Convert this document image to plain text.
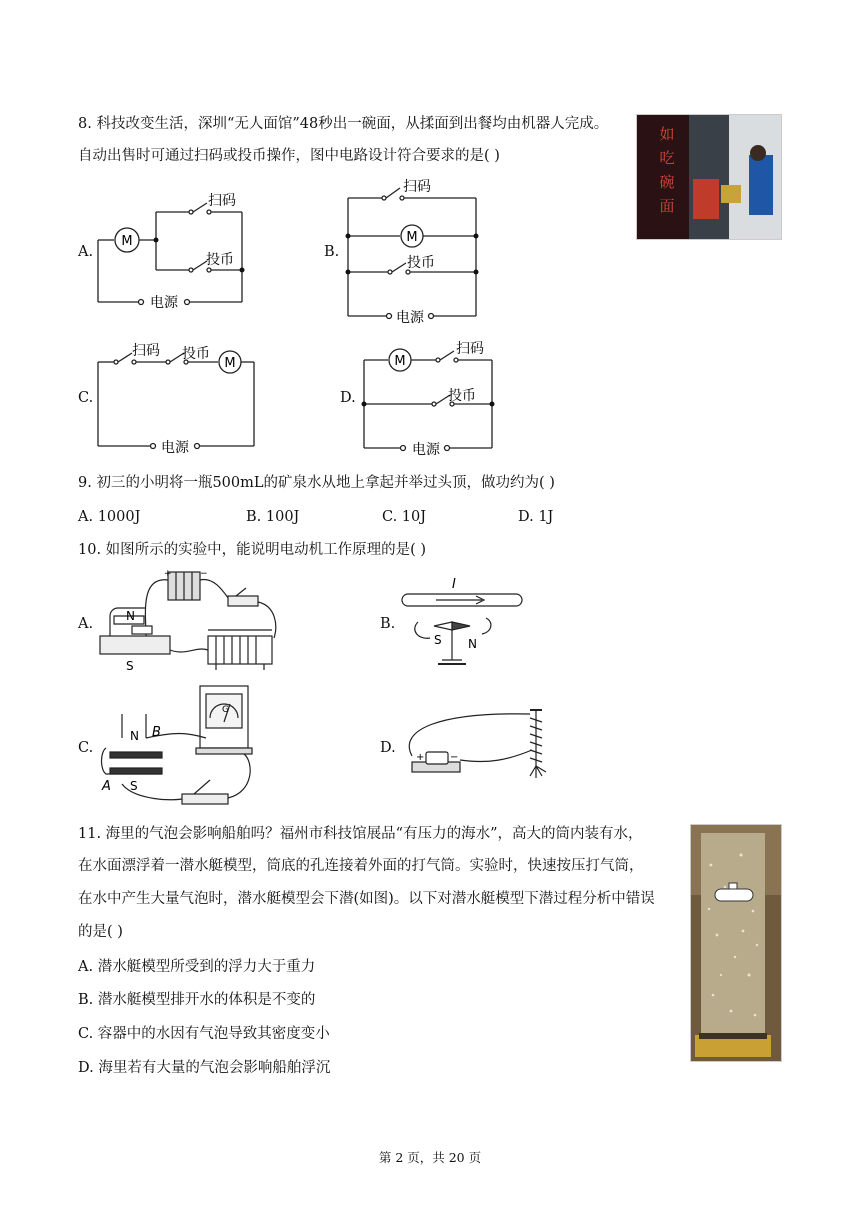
8. 科技改变生活，深圳“无人面馆”48秒出一碗面，从揉面到出餐均由机器人完成。
自动出售时可通过扫码或投币操作，图中电路设计符合要求的是( )
如
吃
碗
面
A.
M
扫码
投币
电源
B.
M
扫码
投币
电源
C.
M
扫码 投币
电源
D.
M
扫码
投币
电源
9. 初三的小明将一瓶500mL的矿泉水从地上拿起并举过头顶，做功约为( )
A. 1000J	B. 100J	C. 10J	D. 1J
10. 如图所示的实验中，能说明电动机工作原理的是( )
A.
+	−
N
S
B.
I
S N
C.
G
N B
A S
D.
+	−
11. 海里的气泡会影响船舶吗？福州市科技馆展品“有压力的海水”，高大的筒内装有水，
在水面漂浮着一潜水艇模型，筒底的孔连接着外面的打气筒。实验时，快速按压打气筒，
在水中产生大量气泡时，潜水艇模型会下潜(如图)。以下对潜水艇模型下潜过程分析中错误
的是( )
A. 潜水艇模型所受到的浮力大于重力
B. 潜水艇模型排开水的体积是不变的
C. 容器中的水因有气泡导致其密度变小
D. 海里若有大量的气泡会影响船舶浮沉
第 2 页，共 20 页
